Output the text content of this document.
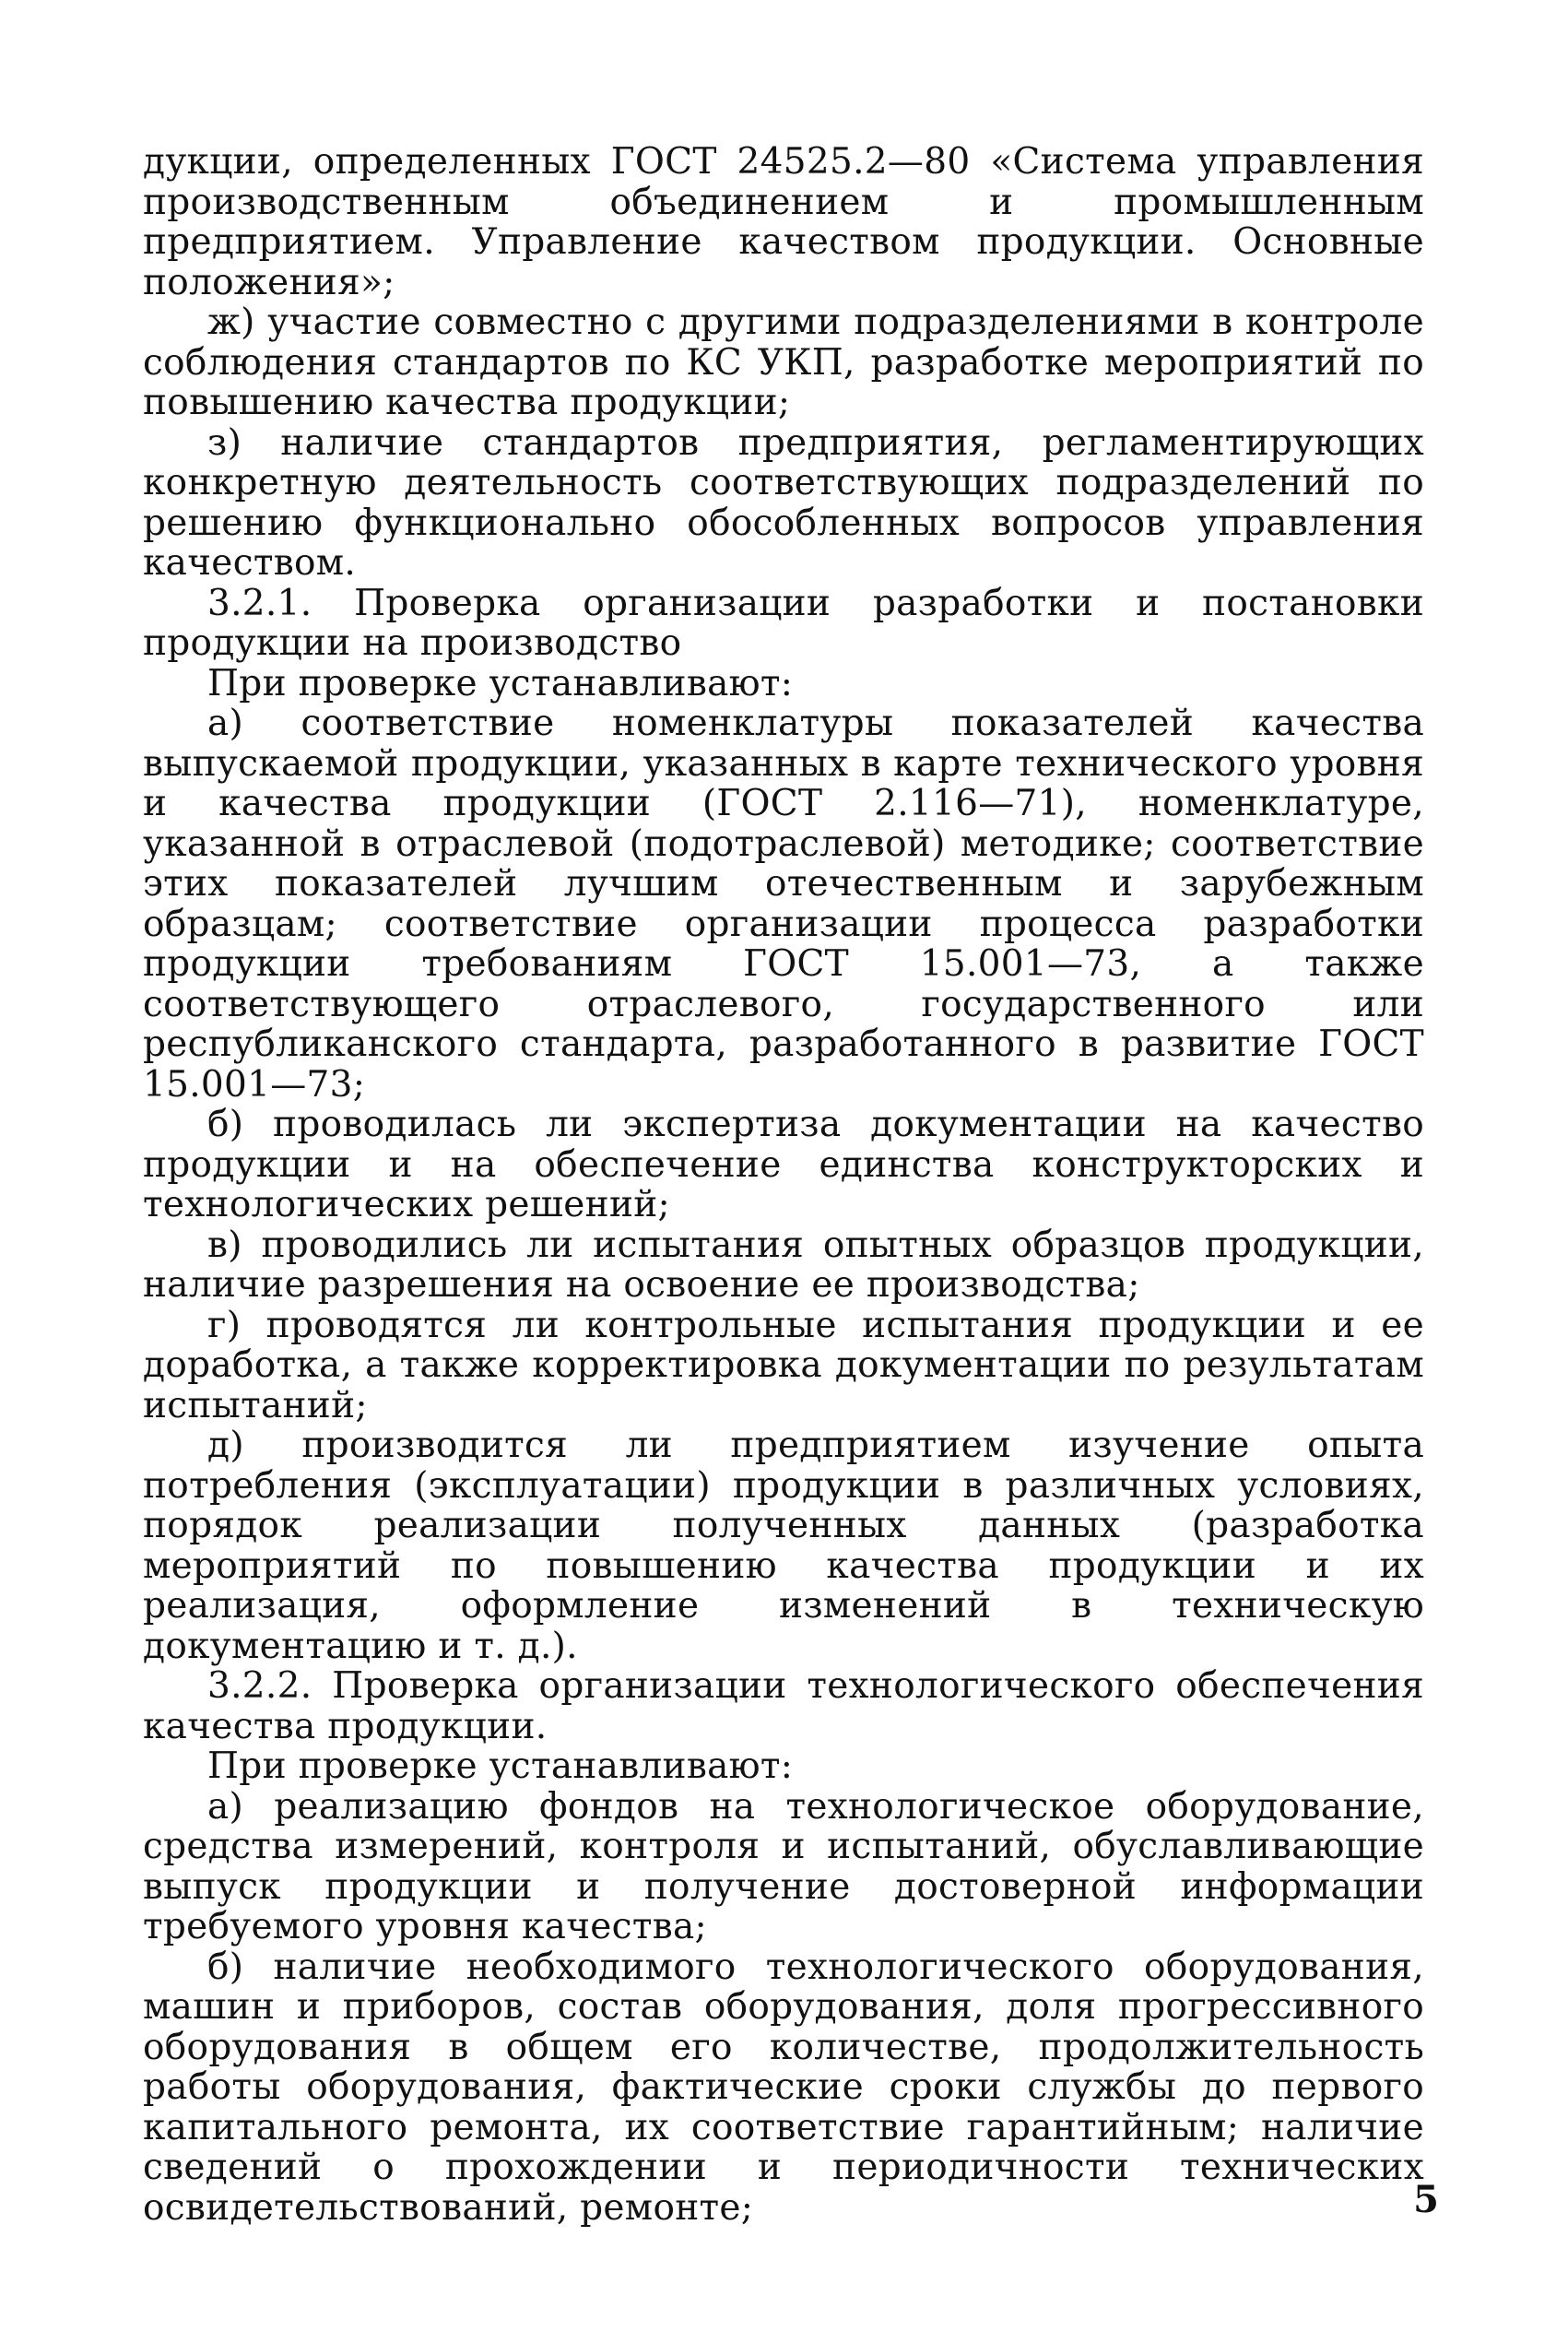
дукции, определенных ГОСТ 24525.2—80 «Система управления производственным объединением и промышленным предприятием. Управление качеством продукции. Основные положения»;

ж) участие совместно с другими подразделениями в контроле соблюдения стандартов по КС УКП, разработке мероприятий по повышению качества продукции;

з) наличие стандартов предприятия, регламентирующих конкретную деятельность соответствующих подразделений по решению функционально обособленных вопросов управления качеством.

3.2.1. Проверка организации разработки и постановки продукции на производство

При проверке устанавливают:

а) соответствие номенклатуры показателей качества выпускаемой продукции, указанных в карте технического уровня и качества продукции (ГОСТ 2.116—71), номенклатуре, указанной в отраслевой (подотраслевой) методике; соответствие этих показателей лучшим отечественным и зарубежным образцам; соответствие организации процесса разработки продукции требованиям ГОСТ 15.001—73, а также соответствующего отраслевого, государственного или республиканского стандарта, разработанного в развитие ГОСТ 15.001—73;

б) проводилась ли экспертиза документации на качество продукции и на обеспечение единства конструкторских и технологических решений;

в) проводились ли испытания опытных образцов продукции, наличие разрешения на освоение ее производства;

г) проводятся ли контрольные испытания продукции и ее доработка, а также корректировка документации по результатам испытаний;

д) производится ли предприятием изучение опыта потребления (эксплуатации) продукции в различных условиях, порядок реализации полученных данных (разработка мероприятий по повышению качества продукции и их реализация, оформление изменений в техническую документацию и т. д.).

3.2.2. Проверка организации технологического обеспечения качества продукции.

При проверке устанавливают:

а) реализацию фондов на технологическое оборудование, средства измерений, контроля и испытаний, обуславливающие выпуск продукции и получение достоверной информации требуемого уровня качества;

б) наличие необходимого технологического оборудования, машин и приборов, состав оборудования, доля прогрессивного оборудования в общем его количестве, продолжительность работы оборудования, фактические сроки службы до первого капитального ремонта, их соответствие гарантийным; наличие сведений о прохождении и периодичности технических освидетельствований, ремонте;	5
